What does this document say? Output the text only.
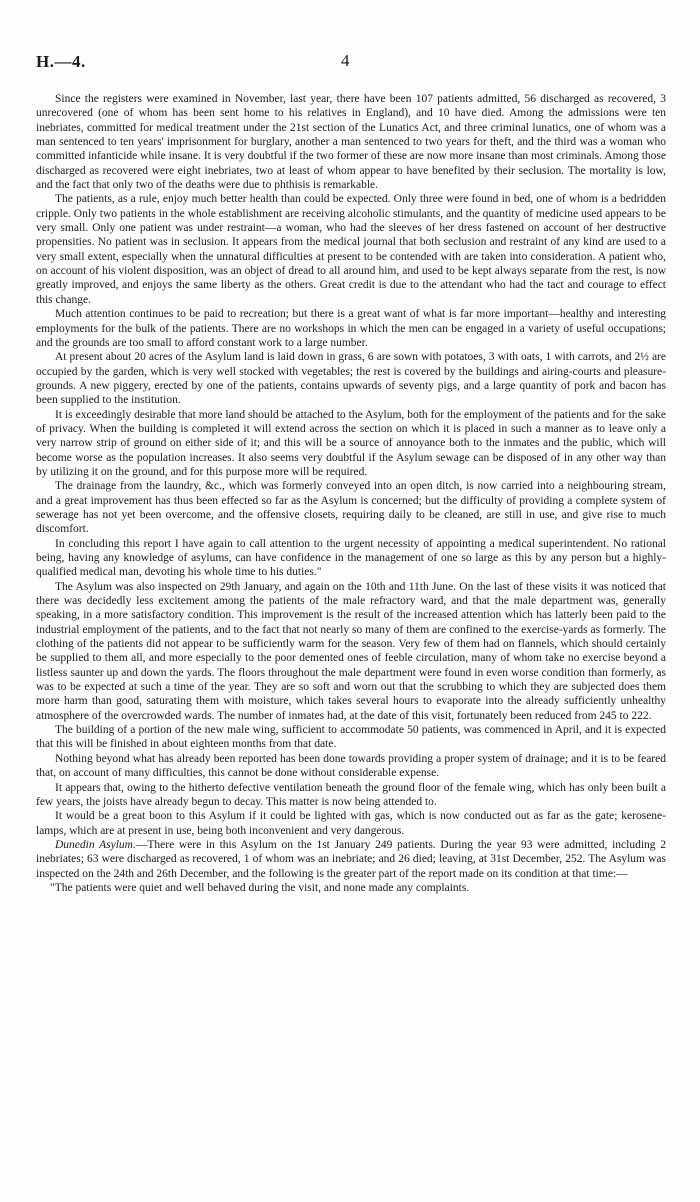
H.—4.	4

Since the registers were examined in November, last year, there have been 107 patients admitted, 56 discharged as recovered, 3 unrecovered (one of whom has been sent home to his relatives in England), and 10 have died. Among the admissions were ten inebriates, committed for medical treatment under the 21st section of the Lunatics Act, and three criminal lunatics, one of whom was a man sentenced to ten years' imprisonment for burglary, another a man sentenced to two years for theft, and the third was a woman who committed infanticide while insane. It is very doubtful if the two former of these are now more insane than most criminals. Among those discharged as recovered were eight inebriates, two at least of whom appear to have benefited by their seclusion. The mortality is low, and the fact that only two of the deaths were due to phthisis is remarkable.

The patients, as a rule, enjoy much better health than could be expected. Only three were found in bed, one of whom is a bedridden cripple. Only two patients in the whole establishment are receiving alcoholic stimulants, and the quantity of medicine used appears to be very small. Only one patient was under restraint—a woman, who had the sleeves of her dress fastened on account of her destructive propensities. No patient was in seclusion. It appears from the medical journal that both seclusion and restraint of any kind are used to a very small extent, especially when the unnatural difficulties at present to be contended with are taken into consideration. A patient who, on account of his violent disposition, was an object of dread to all around him, and used to be kept always separate from the rest, is now greatly improved, and enjoys the same liberty as the others. Great credit is due to the attendant who had the tact and courage to effect this change.

Much attention continues to be paid to recreation; but there is a great want of what is far more important—healthy and interesting employments for the bulk of the patients. There are no workshops in which the men can be engaged in a variety of useful occupations; and the grounds are too small to afford constant work to a large number.

At present about 20 acres of the Asylum land is laid down in grass, 6 are sown with potatoes, 3 with oats, 1 with carrots, and 2½ are occupied by the garden, which is very well stocked with vegetables; the rest is covered by the buildings and airing-courts and pleasure-grounds. A new piggery, erected by one of the patients, contains upwards of seventy pigs, and a large quantity of pork and bacon has been supplied to the institution.

It is exceedingly desirable that more land should be attached to the Asylum, both for the employment of the patients and for the sake of privacy. When the building is completed it will extend across the section on which it is placed in such a manner as to leave only a very narrow strip of ground on either side of it; and this will be a source of annoyance both to the inmates and the public, which will become worse as the population increases. It also seems very doubtful if the Asylum sewage can be disposed of in any other way than by utilizing it on the ground, and for this purpose more will be required.

The drainage from the laundry, &c., which was formerly conveyed into an open ditch, is now carried into a neighbouring stream, and a great improvement has thus been effected so far as the Asylum is concerned; but the difficulty of providing a complete system of sewerage has not yet been overcome, and the offensive closets, requiring daily to be cleaned, are still in use, and give rise to much discomfort.

In concluding this report I have again to call attention to the urgent necessity of appointing a medical superintendent. No rational being, having any knowledge of asylums, can have confidence in the management of one so large as this by any person but a highly-qualified medical man, devoting his whole time to his duties."

The Asylum was also inspected on 29th January, and again on the 10th and 11th June. On the last of these visits it was noticed that there was decidedly less excitement among the patients of the male refractory ward, and that the male department was, generally speaking, in a more satisfactory condition. This improvement is the result of the increased attention which has latterly been paid to the industrial employment of the patients, and to the fact that not nearly so many of them are confined to the exercise-yards as formerly. The clothing of the patients did not appear to be sufficiently warm for the season. Very few of them had on flannels, which should certainly be supplied to them all, and more especially to the poor demented ones of feeble circulation, many of whom take no exercise beyond a listless saunter up and down the yards. The floors throughout the male department were found in even worse condition than formerly, as was to be expected at such a time of the year. They are so soft and worn out that the scrubbing to which they are subjected does them more harm than good, saturating them with moisture, which takes several hours to evaporate into the already sufficiently unhealthy atmosphere of the overcrowded wards. The number of inmates had, at the date of this visit, fortunately been reduced from 245 to 222.

The building of a portion of the new male wing, sufficient to accommodate 50 patients, was commenced in April, and it is expected that this will be finished in about eighteen months from that date.

Nothing beyond what has already been reported has been done towards providing a proper system of drainage; and it is to be feared that, on account of many difficulties, this cannot be done without considerable expense.

It appears that, owing to the hitherto defective ventilation beneath the ground floor of the female wing, which has only been built a few years, the joists have already begun to decay. This matter is now being attended to.

It would be a great boon to this Asylum if it could be lighted with gas, which is now conducted out as far as the gate; kerosene-lamps, which are at present in use, being both inconvenient and very dangerous.

Dunedin Asylum.—There were in this Asylum on the 1st January 249 patients. During the year 93 were admitted, including 2 inebriates; 63 were discharged as recovered, 1 of whom was an inebriate; and 26 died; leaving, at 31st December, 252. The Asylum was inspected on the 24th and 26th December, and the following is the greater part of the report made on its condition at that time:—

"The patients were quiet and well behaved during the visit, and none made any complaints.
